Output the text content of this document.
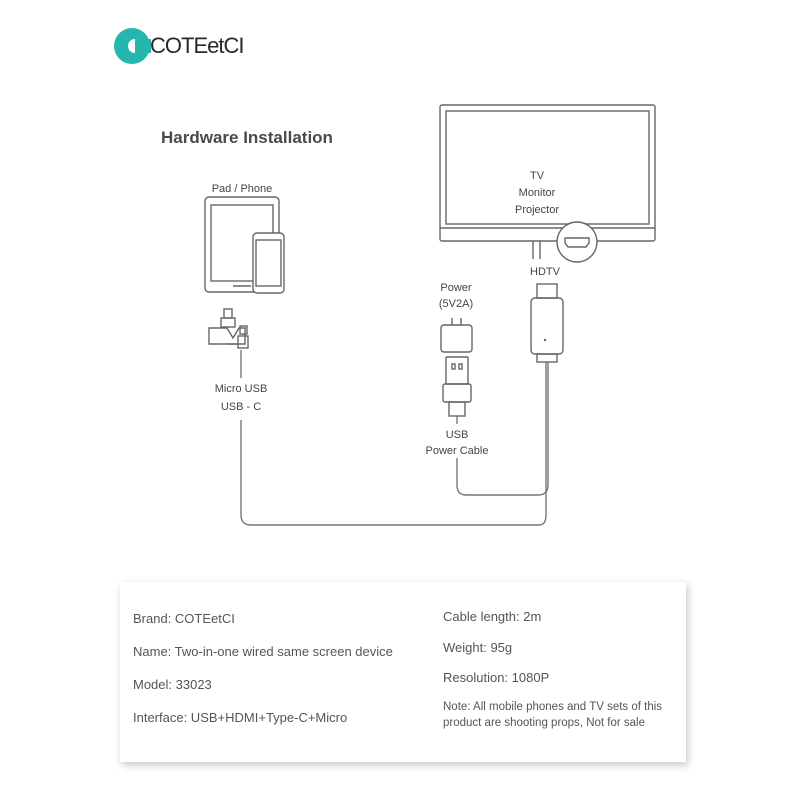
COTEetCI
Hardware Installation
Pad / Phone
TV
Monitor
Projector
HDTV
Power
(5V2A)
Micro USB
USB - C
USB
Power Cable
Brand: COTEetCI
Name: Two-in-one wired same screen device
Model: 33023
Interface: USB+HDMI+Type-C+Micro
Cable length: 2m
Weight: 95g
Resolution: 1080P
Note: All mobile phones and TV sets of this
product are shooting props, Not for sale
